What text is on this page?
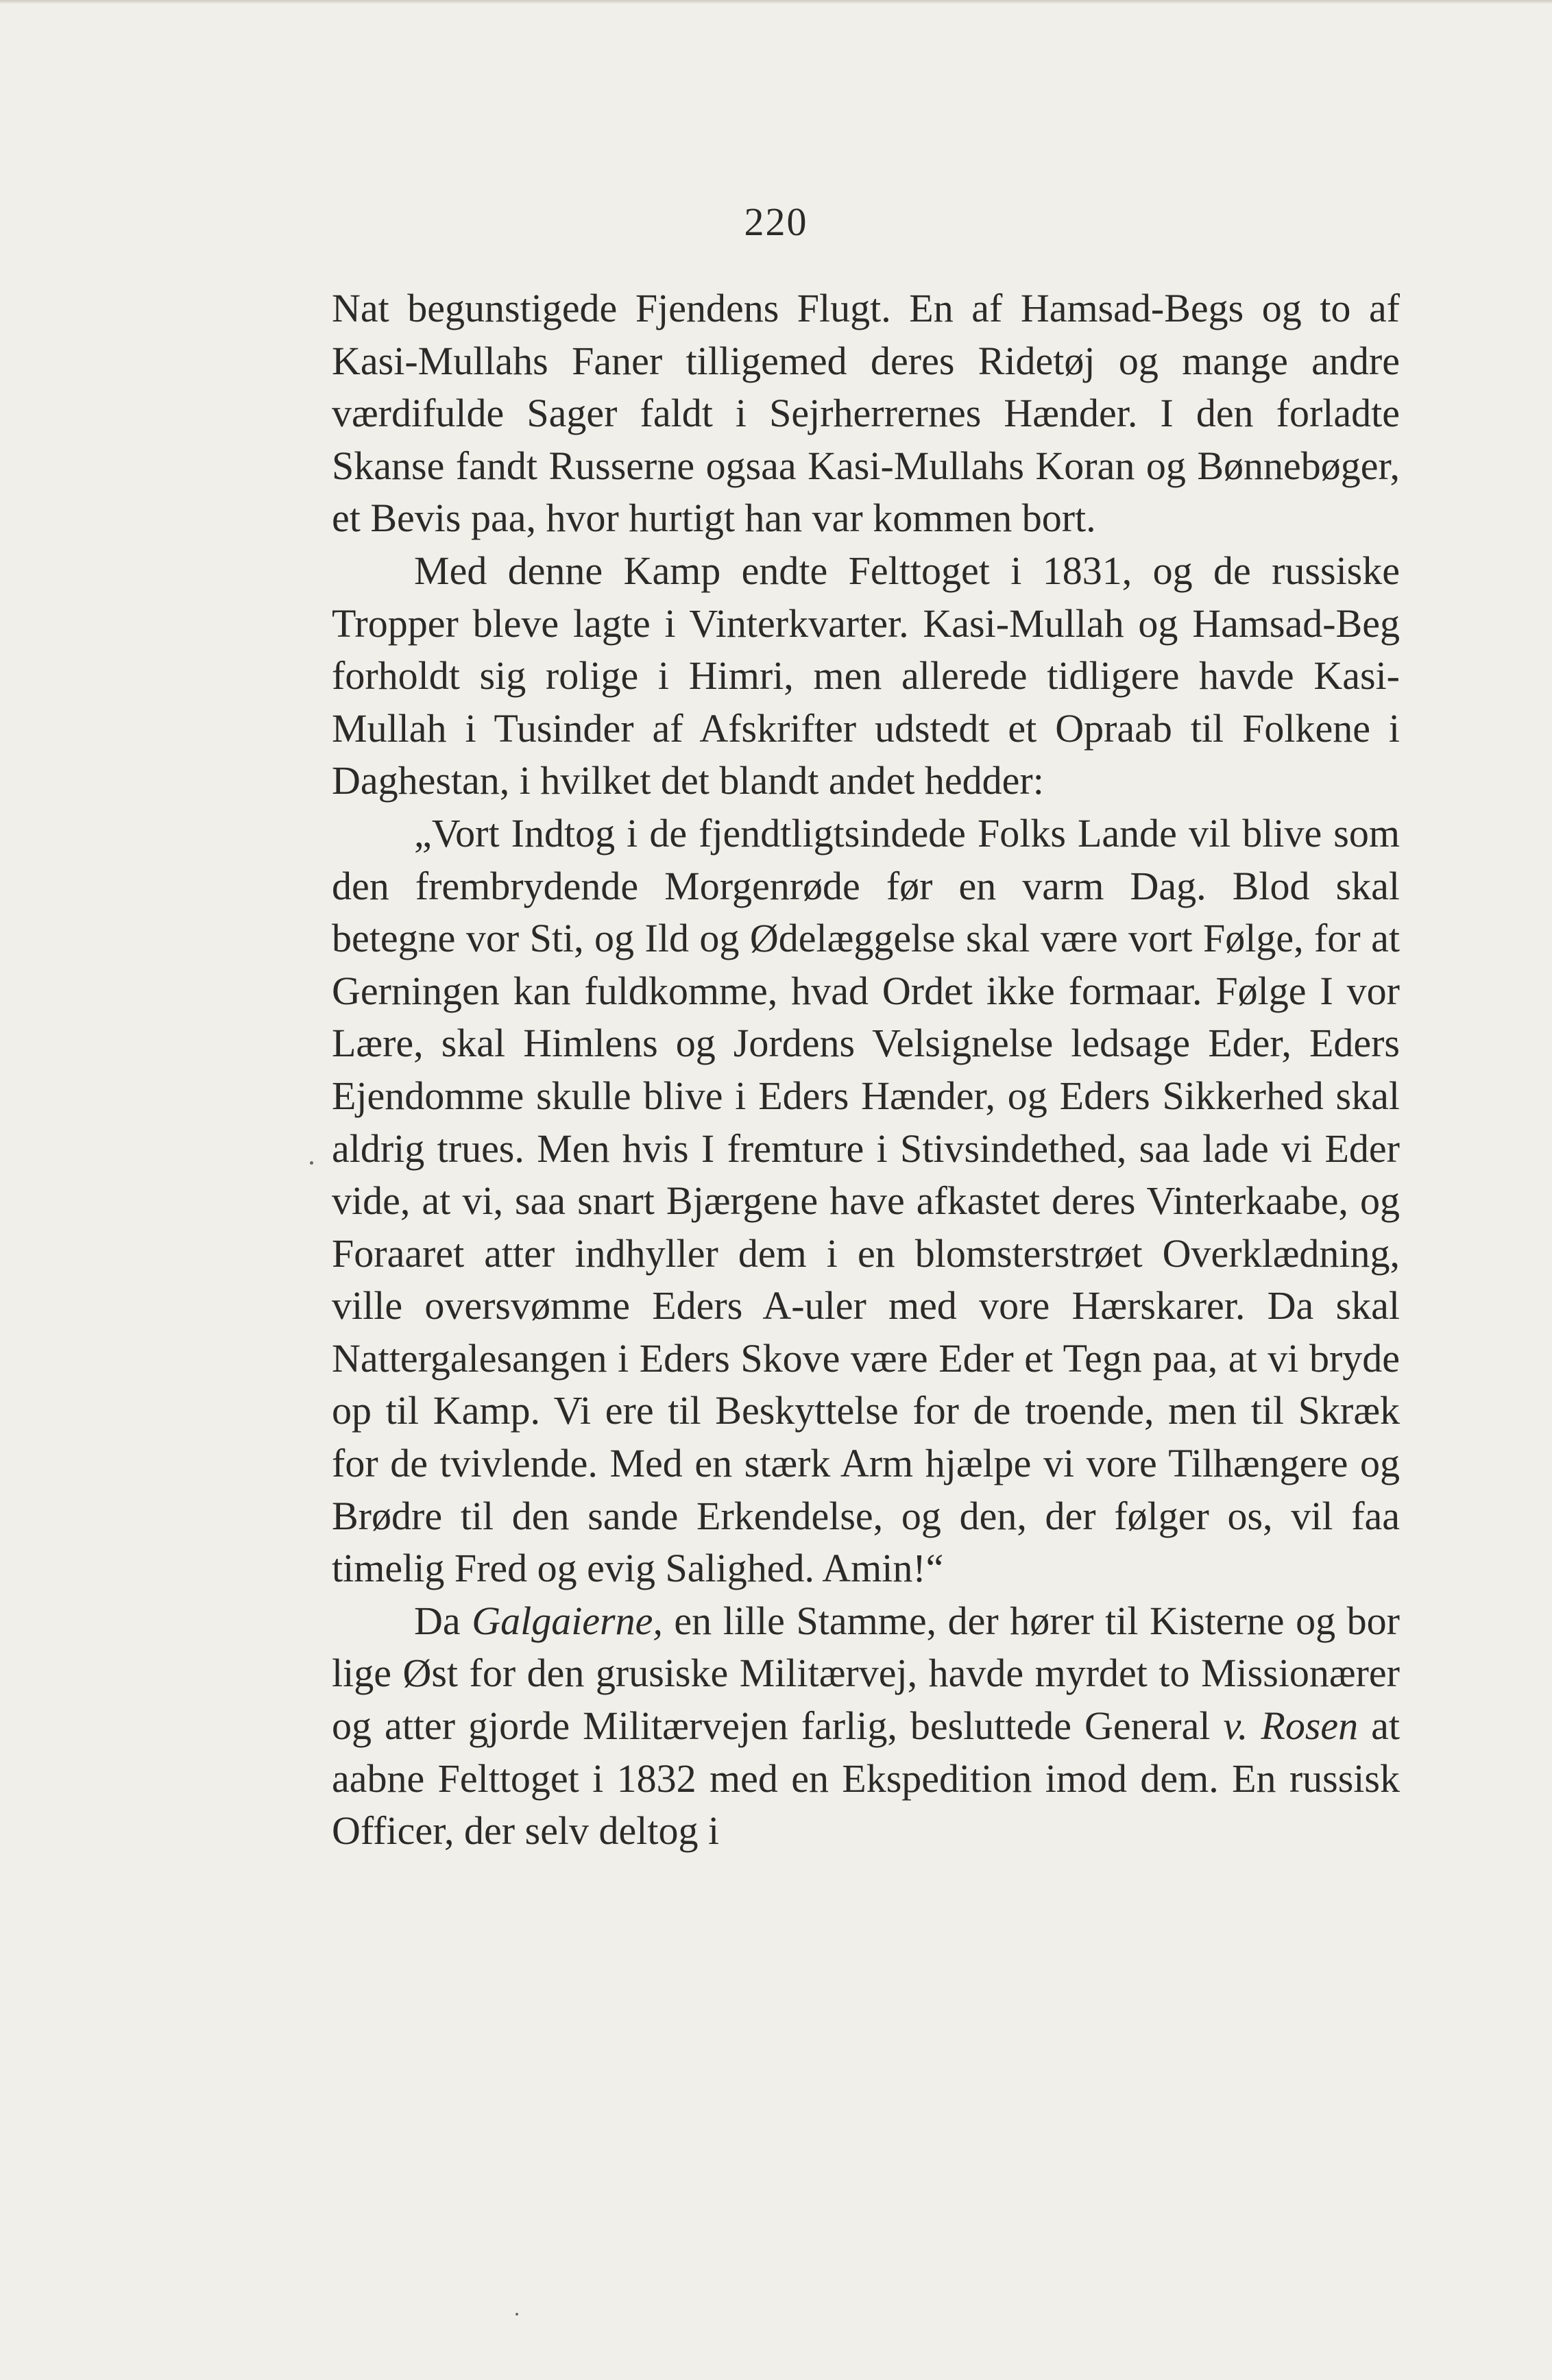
220

Nat begunstigede Fjendens Flugt. En af Hamsad-Begs og to af Kasi-Mullahs Faner tilligemed deres Ridetøj og mange andre værdifulde Sager faldt i Sejrherrernes Hænder. I den forladte Skanse fandt Russerne ogsaa Kasi-Mullahs Koran og Bønnebøger, et Bevis paa, hvor hurtigt han var kommen bort.

Med denne Kamp endte Felttoget i 1831, og de russiske Tropper bleve lagte i Vinterkvarter. Kasi-Mullah og Hamsad-Beg forholdt sig rolige i Himri, men allerede tidligere havde Kasi-Mullah i Tusinder af Afskrifter udstedt et Opraab til Folkene i Daghestan, i hvilket det blandt andet hedder:

„Vort Indtog i de fjendtligtsindede Folks Lande vil blive som den frembrydende Morgenrøde før en varm Dag. Blod skal betegne vor Sti, og Ild og Ødelæggelse skal være vort Følge, for at Gerningen kan fuldkomme, hvad Ordet ikke formaar. Følge I vor Lære, skal Himlens og Jordens Velsignelse ledsage Eder, Eders Ejendomme skulle blive i Eders Hænder, og Eders Sikkerhed skal aldrig trues. Men hvis I fremture i Stivsindethed, saa lade vi Eder vide, at vi, saa snart Bjærgene have afkastet deres Vinterkaabe, og Foraaret atter indhyller dem i en blomsterstrøet Overklædning, ville oversvømme Eders A-uler med vore Hærskarer. Da skal Nattergalesangen i Eders Skove være Eder et Tegn paa, at vi bryde op til Kamp. Vi ere til Beskyttelse for de troende, men til Skræk for de tvivlende. Med en stærk Arm hjælpe vi vore Tilhængere og Brødre til den sande Erkendelse, og den, der følger os, vil faa timelig Fred og evig Salighed. Amin!“

Da Galgaierne, en lille Stamme, der hører til Kisterne og bor lige Øst for den grusiske Militærvej, havde myrdet to Missionærer og atter gjorde Militærvejen farlig, besluttede General v. Rosen at aabne Felttoget i 1832 med en Ekspedition imod dem. En russisk Officer, der selv deltog i
